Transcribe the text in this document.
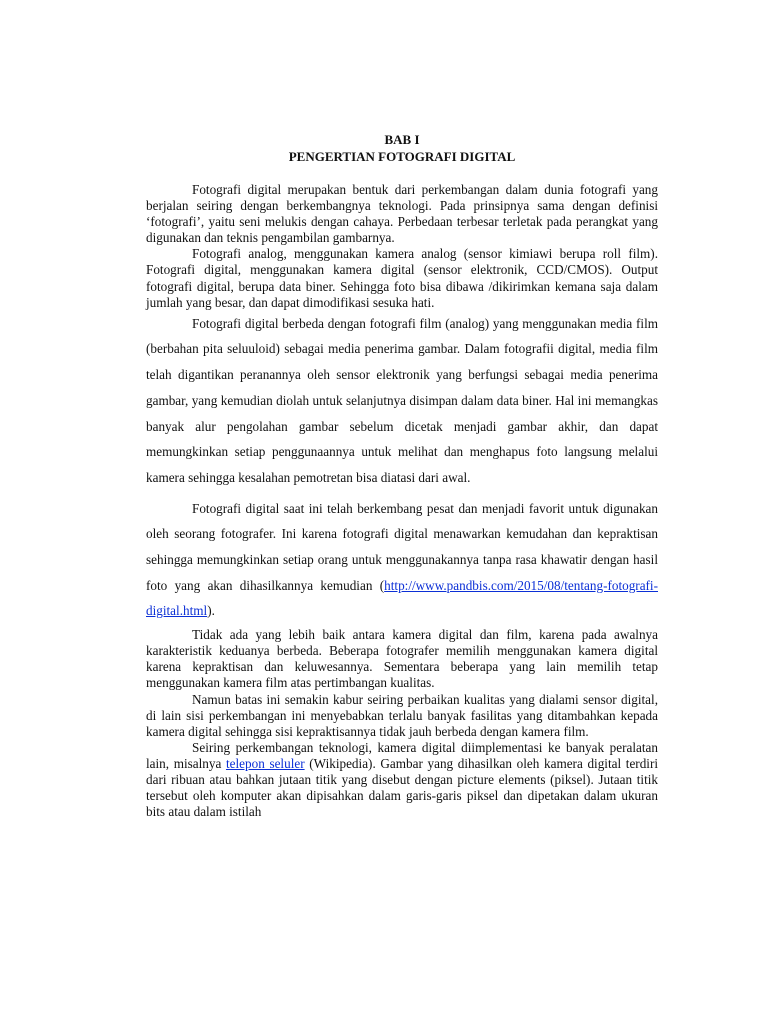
BAB I

PENGERTIAN FOTOGRAFI DIGITAL

Fotografi digital merupakan bentuk dari perkembangan dalam dunia fotografi yang berjalan seiring dengan berkembangnya teknologi. Pada prinsipnya sama dengan definisi ‘fotografi’, yaitu seni melukis dengan cahaya. Perbedaan terbesar terletak pada perangkat yang digunakan dan teknis pengambilan gambarnya.

Fotografi analog, menggunakan kamera analog (sensor kimiawi berupa roll film). Fotografi digital, menggunakan kamera digital (sensor elektronik, CCD/CMOS). Output fotografi digital, berupa data biner. Sehingga foto bisa dibawa /dikirimkan kemana saja dalam jumlah yang besar, dan dapat dimodifikasi sesuka hati.

Fotografi digital berbeda dengan fotografi film (analog) yang menggunakan media film (berbahan pita seluuloid) sebagai media penerima gambar. Dalam fotografii digital, media film telah digantikan peranannya oleh sensor elektronik yang berfungsi sebagai media penerima gambar, yang kemudian diolah untuk selanjutnya disimpan dalam data biner. Hal ini memangkas banyak alur pengolahan gambar sebelum dicetak menjadi gambar akhir, dan dapat memungkinkan setiap penggunaannya untuk melihat dan menghapus foto langsung melalui kamera sehingga kesalahan pemotretan bisa diatasi dari awal.

Fotografi digital saat ini telah berkembang pesat dan menjadi favorit untuk digunakan oleh seorang fotografer. Ini karena fotografi digital menawarkan kemudahan dan kepraktisan sehingga memungkinkan setiap orang untuk menggunakannya tanpa rasa khawatir dengan hasil foto yang akan dihasilkannya kemudian (http://www.pandbis.com/2015/08/tentang-fotografi-digital.html).

Tidak ada yang lebih baik antara kamera digital dan film, karena pada awalnya karakteristik keduanya berbeda. Beberapa fotografer memilih menggunakan kamera digital karena kepraktisan dan keluwesannya. Sementara beberapa yang lain memilih tetap menggunakan kamera film atas pertimbangan kualitas.

Namun batas ini semakin kabur seiring perbaikan kualitas yang dialami sensor digital, di lain sisi perkembangan ini menyebabkan terlalu banyak fasilitas yang ditambahkan kepada kamera digital sehingga sisi kepraktisannya tidak jauh berbeda dengan kamera film.

Seiring perkembangan teknologi, kamera digital diimplementasi ke banyak peralatan lain, misalnya telepon seluler (Wikipedia). Gambar yang dihasilkan oleh kamera digital terdiri dari ribuan atau bahkan jutaan titik yang disebut dengan picture elements (piksel). Jutaan titik tersebut oleh komputer akan dipisahkan dalam garis-garis piksel dan dipetakan dalam ukuran bits atau dalam istilah
